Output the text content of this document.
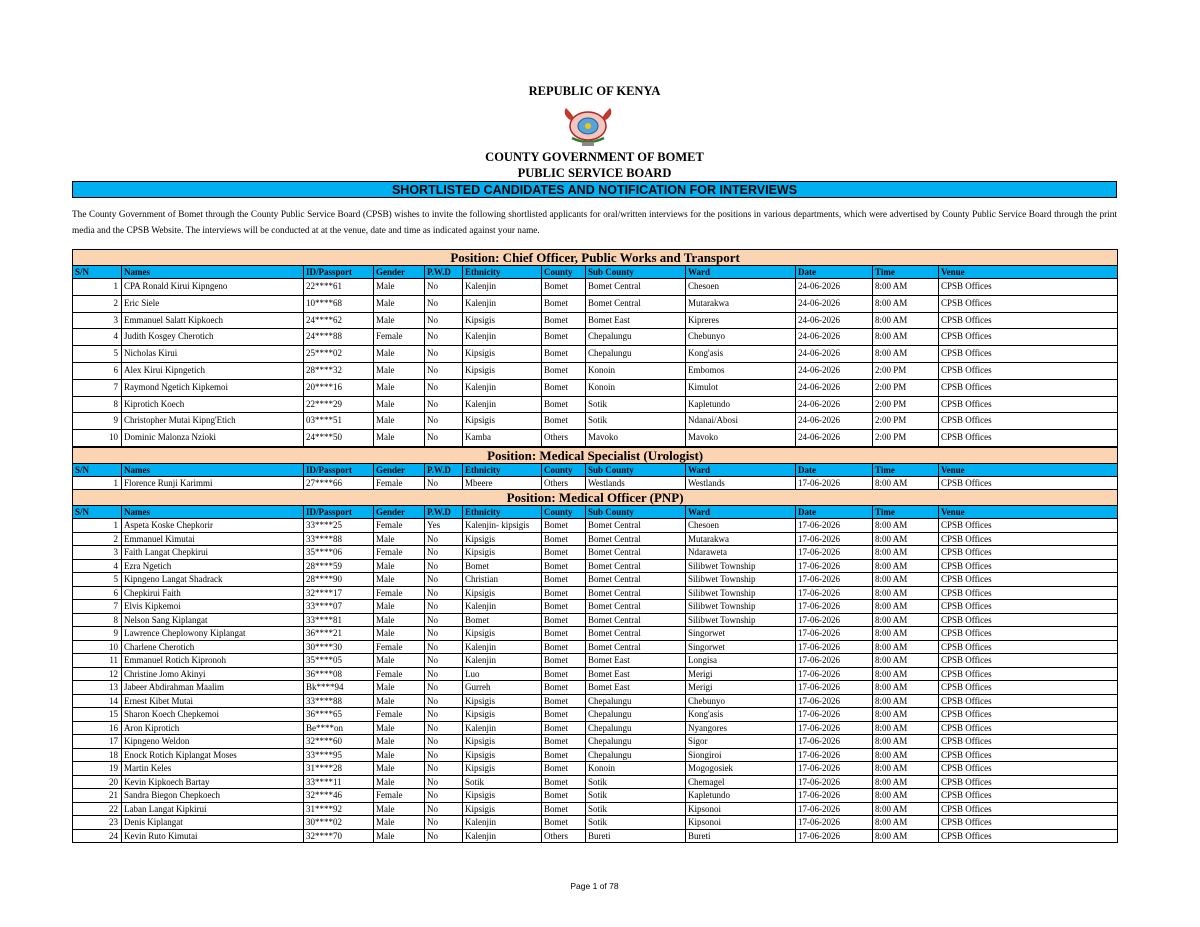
REPUBLIC OF KENYA
COUNTY GOVERNMENT OF BOMET
PUBLIC SERVICE BOARD
SHORTLISTED CANDIDATES AND NOTIFICATION FOR INTERVIEWS
The County Government of Bomet through the County Public Service Board (CPSB) wishes to invite the following shortlisted applicants for oral/written interviews for the positions in various departments, which were advertised by County Public Service Board through the print media and the CPSB Website. The interviews will be conducted at at the venue, date and time as indicated against your name.
Position: Chief Officer, Public Works and Transport											
S/N	Names	ID/Passport	Gender	P.W.D	Ethnicity	County	Sub County	Ward	Date	Time	Venue
1	CPA Ronald Kirui Kipngeno	22****61	Male	No	Kalenjin	Bomet	Bomet Central	Chesoen	24-06-2026	8:00 AM	CPSB Offices
2	Eric Siele	10****68	Male	No	Kalenjin	Bomet	Bomet Central	Mutarakwa	24-06-2026	8:00 AM	CPSB Offices
3	Emmanuel Salatt Kipkoech	24****62	Male	No	Kipsigis	Bomet	Bomet East	Kipreres	24-06-2026	8:00 AM	CPSB Offices
4	Judith Kosgey Cherotich	24****88	Female	No	Kalenjin	Bomet	Chepalungu	Chebunyo	24-06-2026	8:00 AM	CPSB Offices
5	Nicholas Kirui	25****02	Male	No	Kipsigis	Bomet	Chepalungu	Kong'asis	24-06-2026	8:00 AM	CPSB Offices
6	Alex Kirui Kipngetich	28****32	Male	No	Kipsigis	Bomet	Konoin	Embomos	24-06-2026	2:00 PM	CPSB Offices
7	Raymond Ngetich Kipkemoi	20****16	Male	No	Kalenjin	Bomet	Konoin	Kimulot	24-06-2026	2:00 PM	CPSB Offices
8	Kiprotich Koech	22****29	Male	No	Kalenjin	Bomet	Sotik	Kapletundo	24-06-2026	2:00 PM	CPSB Offices
9	Christopher Mutai Kipng'Etich	03****51	Male	No	Kipsigis	Bomet	Sotik	Ndanai/Abosi	24-06-2026	2:00 PM	CPSB Offices
10	Dominic Malonza Nzioki	24****50	Male	No	Kamba	Others	Mavoko	Mavoko	24-06-2026	2:00 PM	CPSB Offices
Position: Medical Specialist (Urologist)											
S/N	Names	ID/Passport	Gender	P.W.D	Ethnicity	County	Sub County	Ward	Date	Time	Venue
1	Florence Runji Karimmi	27****66	Female	No	Mbeere	Others	Westlands	Westlands	17-06-2026	8:00 AM	CPSB Offices
Position: Medical Officer (PNP)											
S/N	Names	ID/Passport	Gender	P.W.D	Ethnicity	County	Sub County	Ward	Date	Time	Venue
1	Aspeta Koske Chepkorir	33****25	Female	Yes	Kalenjin- kipsigis	Bomet	Bomet Central	Chesoen	17-06-2026	8:00 AM	CPSB Offices
2	Emmanuel Kimutai	33****88	Male	No	Kipsigis	Bomet	Bomet Central	Mutarakwa	17-06-2026	8:00 AM	CPSB Offices
3	Faith Langat Chepkirui	35****06	Female	No	Kipsigis	Bomet	Bomet Central	Ndaraweta	17-06-2026	8:00 AM	CPSB Offices
4	Ezra Ngetich	28****59	Male	No	Bomet	Bomet	Bomet Central	Silibwet Township	17-06-2026	8:00 AM	CPSB Offices
5	Kipngeno Langat Shadrack	28****90	Male	No	Christian	Bomet	Bomet Central	Silibwet Township	17-06-2026	8:00 AM	CPSB Offices
6	Chepkirui Faith	32****17	Female	No	Kipsigis	Bomet	Bomet Central	Silibwet Township	17-06-2026	8:00 AM	CPSB Offices
7	Elvis Kipkemoi	33****07	Male	No	Kalenjin	Bomet	Bomet Central	Silibwet Township	17-06-2026	8:00 AM	CPSB Offices
8	Nelson Sang Kiplangat	33****81	Male	No	Bomet	Bomet	Bomet Central	Silibwet Township	17-06-2026	8:00 AM	CPSB Offices
9	Lawrence Cheplowony Kiplangat	36****21	Male	No	Kipsigis	Bomet	Bomet Central	Singorwet	17-06-2026	8:00 AM	CPSB Offices
10	Charlene Cherotich	30****30	Female	No	Kalenjin	Bomet	Bomet Central	Singorwet	17-06-2026	8:00 AM	CPSB Offices
11	Emmanuel Rotich Kipronoh	35****05	Male	No	Kalenjin	Bomet	Bomet East	Longisa	17-06-2026	8:00 AM	CPSB Offices
12	Christine Jomo Akinyi	36****08	Female	No	Luo	Bomet	Bomet East	Merigi	17-06-2026	8:00 AM	CPSB Offices
13	Jabeer Abdirahman Maalim	Bk****94	Male	No	Gurreh	Bomet	Bomet East	Merigi	17-06-2026	8:00 AM	CPSB Offices
14	Ernest Kibet Mutai	33****88	Male	No	Kipsigis	Bomet	Chepalungu	Chebunyo	17-06-2026	8:00 AM	CPSB Offices
15	Sharon Koech Chepkemoi	36****65	Female	No	Kipsigis	Bomet	Chepalungu	Kong'asis	17-06-2026	8:00 AM	CPSB Offices
16	Aron Kiprotich	Be****on	Male	No	Kalenjin	Bomet	Chepalungu	Nyangores	17-06-2026	8:00 AM	CPSB Offices
17	Kipngeno Weldon	32****60	Male	No	Kipsigis	Bomet	Chepalungu	Sigor	17-06-2026	8:00 AM	CPSB Offices
18	Enock Rotich Kiplangat Moses	33****95	Male	No	Kipsigis	Bomet	Chepalungu	Siongiroi	17-06-2026	8:00 AM	CPSB Offices
19	Martin Keles	31****28	Male	No	Kipsigis	Bomet	Konoin	Mogogosiek	17-06-2026	8:00 AM	CPSB Offices
20	Kevin Kipkoech Bartay	33****11	Male	No	Sotik	Bomet	Sotik	Chemagel	17-06-2026	8:00 AM	CPSB Offices
21	Sandra Biegon Chepkoech	32****46	Female	No	Kipsigis	Bomet	Sotik	Kapletundo	17-06-2026	8:00 AM	CPSB Offices
22	Laban Langat Kipkirui	31****92	Male	No	Kipsigis	Bomet	Sotik	Kipsonoi	17-06-2026	8:00 AM	CPSB Offices
23	Denis Kiplangat	30****02	Male	No	Kalenjin	Bomet	Sotik	Kipsonoi	17-06-2026	8:00 AM	CPSB Offices
24	Kevin Ruto Kimutai	32****70	Male	No	Kalenjin	Others	Bureti	Bureti	17-06-2026	8:00 AM	CPSB Offices
Page 1 of 78
